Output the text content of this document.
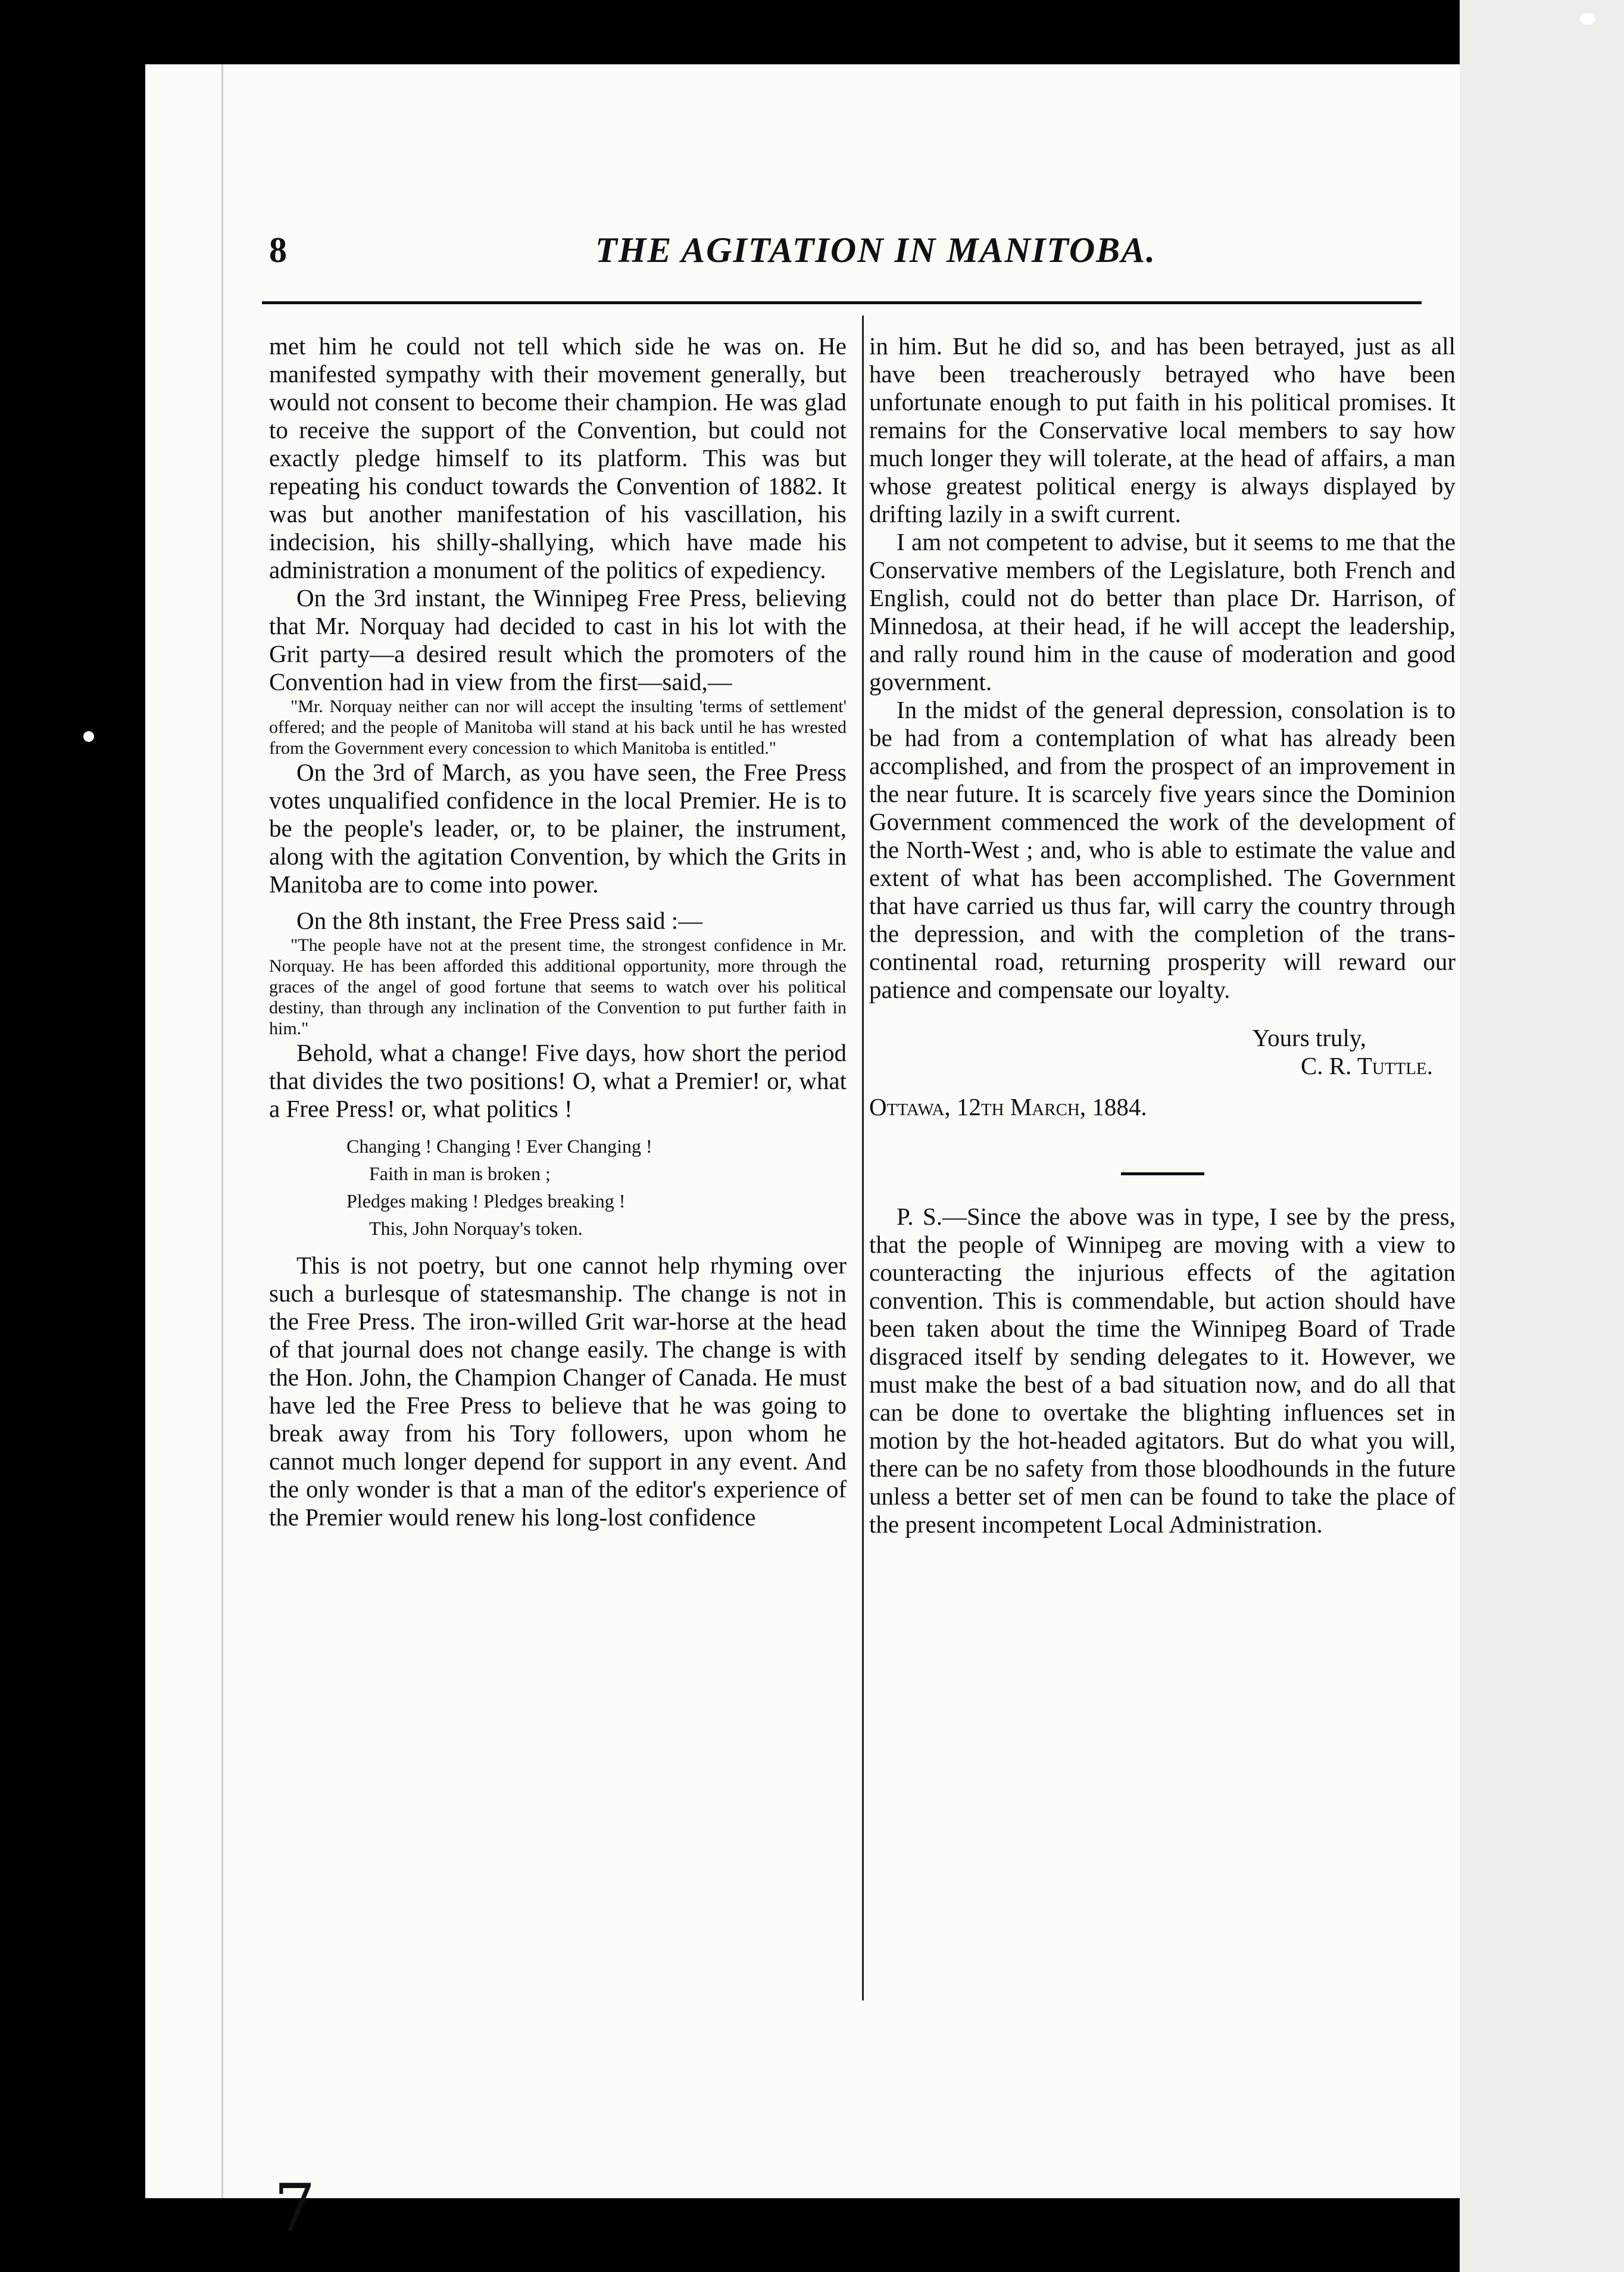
8	THE AGITATION IN MANITOBA.

met him he could not tell which side he was on. He manifested sympathy with their movement generally, but would not consent to become their champion. He was glad to receive the support of the Convention, but could not exactly pledge himself to its platform. This was but repeating his conduct towards the Convention of 1882. It was but another manifestation of his vascillation, his indecision, his shilly-shallying, which have made his administration a monument of the politics of expediency.

On the 3rd instant, the Winnipeg Free Press, believing that Mr. Norquay had decided to cast in his lot with the Grit party—a desired result which the promoters of the Convention had in view from the first—said,—

"Mr. Norquay neither can nor will accept the insulting 'terms of settlement' offered; and the people of Manitoba will stand at his back until he has wrested from the Government every concession to which Manitoba is entitled."

On the 3rd of March, as you have seen, the Free Press votes unqualified confidence in the local Premier. He is to be the people's leader, or, to be plainer, the instrument, along with the agitation Convention, by which the Grits in Manitoba are to come into power.

On the 8th instant, the Free Press said :—

"The people have not at the present time, the strongest confidence in Mr. Norquay. He has been afforded this additional opportunity, more through the graces of the angel of good fortune that seems to watch over his political destiny, than through any inclination of the Convention to put further faith in him."

Behold, what a change! Five days, how short the period that divides the two positions! O, what a Premier! or, what a Free Press! or, what politics !

Changing ! Changing ! Ever Changing !
Faith in man is broken ;
Pledges making ! Pledges breaking !
This, John Norquay's token.

This is not poetry, but one cannot help rhyming over such a burlesque of statesmanship. The change is not in the Free Press. The iron-willed Grit war-horse at the head of that journal does not change easily. The change is with the Hon. John, the Champion Changer of Canada. He must have led the Free Press to believe that he was going to break away from his Tory followers, upon whom he cannot much longer depend for support in any event. And the only wonder is that a man of the editor's experience of the Premier would renew his long-lost confidence

in him. But he did so, and has been betrayed, just as all have been treacherously betrayed who have been unfortunate enough to put faith in his political promises. It remains for the Conservative local members to say how much longer they will tolerate, at the head of affairs, a man whose greatest political energy is always displayed by drifting lazily in a swift current.

I am not competent to advise, but it seems to me that the Conservative members of the Legislature, both French and English, could not do better than place Dr. Harrison, of Minnedosa, at their head, if he will accept the leadership, and rally round him in the cause of moderation and good government.

In the midst of the general depression, consolation is to be had from a contemplation of what has already been accomplished, and from the prospect of an improvement in the near future. It is scarcely five years since the Dominion Government commenced the work of the development of the North-West ; and, who is able to estimate the value and extent of what has been accomplished. The Government that have carried us thus far, will carry the country through the depression, and with the completion of the trans-continental road, returning prosperity will reward our patience and compensate our loyalty.

Yours truly,
C. R. Tuttle.
Ottawa, 12th March, 1884.

P. S.—Since the above was in type, I see by the press, that the people of Winnipeg are moving with a view to counteracting the injurious effects of the agitation convention. This is commendable, but action should have been taken about the time the Winnipeg Board of Trade disgraced itself by sending delegates to it. However, we must make the best of a bad situation now, and do all that can be done to overtake the blighting influences set in motion by the hot-headed agitators. But do what you will, there can be no safety from those bloodhounds in the future unless a better set of men can be found to take the place of the present incompetent Local Administration.

7
